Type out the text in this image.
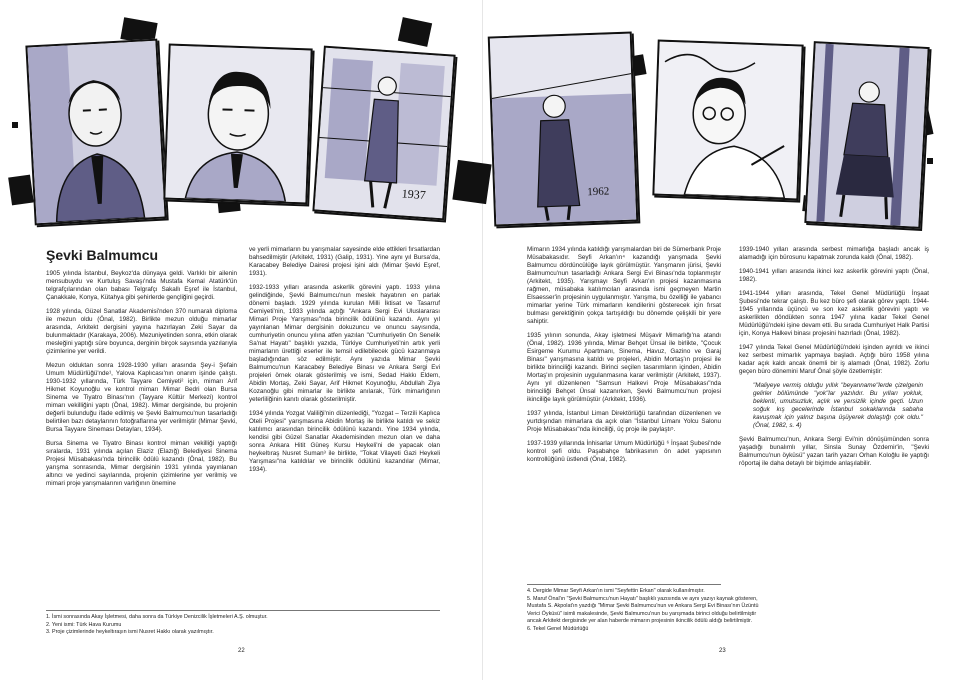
1937
Şevki Balmumcu

1905 yılında İstanbul, Beykoz'da dünyaya geldi. Varlıklı bir ailenin mensubuydu ve Kurtuluş Savaşı'nda Mustafa Kemal Atatürk'ün telgrafçılarından olan babası Telgrafçı Sakallı Eşref ile İstanbul, Çanakkale, Konya, Kütahya gibi şehirlerde gençliğini geçirdi.

1928 yılında, Güzel Sanatlar Akademisi'nden 370 numaralı diploma ile mezun oldu (Önal, 1982). Birlikte mezun olduğu mimarlar arasında, Arkitekt dergisini yayına hazırlayan Zeki Sayar da bulunmaktadır (Karakaya, 2006). Mezuniyetinden sonra, etkin olarak mesleğini yaptığı süre boyunca, derginin birçok sayısında yazılarıyla çizimlerine yer verildi.

Mezun olduktan sonra 1928-1930 yılları arasında Şey-i Şefain Umum Müdürlüğü'nde¹, Yalova Kaplıcası'nın onarım işinde çalıştı. 1930-1932 yıllarında, Türk Tayyare Cemiyeti² için, mimarı Arif Hikmet Koyunoğlu ve kontrol mimarı Mimar Bedri olan Bursa Sinema ve Tiyatro Binası'nın (Tayyare Kültür Merkezi) kontrol mimarı vekilliğini yaptı (Önal, 1982). Mimar dergisinde, bu projenin değerli bulunduğu ifade edilmiş ve Şevki Balmumcu'nun tasarladığı belirtilen bazı detaylarının fotoğraflarına yer verilmiştir (Mimar Şevki, Bursa Tayyare Sineması Detayları, 1934).

Bursa Sinema ve Tiyatro Binası kontrol mimarı vekilliği yaptığı sıralarda, 1931 yılında açılan Elaziz (Elazığ) Belediyesi Sinema Projesi Müsabakası'nda birincilik ödülü kazandı (Önal, 1982). Bu yarışma sonrasında, Mimar dergisinin 1931 yılında yayınlanan altıncı ve yedinci sayılarında, projenin çizimlerine yer verilmiş ve mimari proje yarışmalarının varlığının önemine

ve yerli mimarların bu yarışmalar sayesinde elde ettikleri fırsatlardan bahsedilmiştir (Arkitekt, 1931) (Galip, 1931). Yine aynı yıl Bursa'da, Karacabey Belediye Dairesi projesi işini aldı (Mimar Şevki Eşref, 1931).

1932-1933 yılları arasında askerlik görevini yaptı. 1933 yılına gelindiğinde, Şevki Balmumcu'nun meslek hayatının en parlak dönemi başladı. 1929 yılında kurulan Milli İktisat ve Tasarruf Cemiyeti'nin, 1933 yılında açtığı "Ankara Sergi Evi Uluslararası Mimari Proje Yarışması"nda birincilik ödülünü kazandı. Aynı yıl yayınlanan Mimar dergisinin dokuzuncu ve onuncu sayısında, cumhuriyetin onuncu yılına atfen yazılan "Cumhuriyetin On Senelik Sa'nat Hayatı" başlıklı yazıda, Türkiye Cumhuriyeti'nin artık yerli mimarların ürettiği eserler ile temsil edilebilecek gücü kazanmaya başladığından söz edilmiştir. Aynı yazıda Mimar Şevki Balmumcu'nun Karacabey Belediye Binası ve Ankara Sergi Evi projeleri örnek olarak gösterilmiş ve ismi, Sedad Hakkı Eldem, Abidin Mortaş, Zeki Sayar, Arif Hikmet Koyunoğlu, Abdullah Ziya Kozanoğlu gibi mimarlar ile birlikte anılarak, Türk mimarlığının yeterliliğinin kanıtı olarak gösterilmiştir.

1934 yılında Yozgat Valiliği'nin düzenlediği, "Yozgat – Terzili Kaplıca Oteli Projesi" yarışmasına Abidin Mortaş ile birlikte katıldı ve sekiz katılımcı arasından birincilik ödülünü kazandı. Yine 1934 yılında, kendisi gibi Güzel Sanatlar Akademisinden mezun olan ve daha sonra Ankara Hitit Güneş Kursu Heykeli'ni de yapacak olan heykeltıraş Nusret Suman³ ile birlikte, "Tokat Vilayeti Gazi Heykeli Yarışması"na katıldılar ve birincilik ödülünü kazandılar (Mimar, 1934).

1. İsmi sonrasında Akay İşletmesi, daha sonra da Türkiye Denizcilik İşletmeleri A.Ş. olmuştur.
2. Yeni ismi: Türk Hava Kurumu
3. Proje çizimlerinde heykeltıraşın ismi Nusret Hakkı olarak yazılmıştır.
22
1962

Mimarın 1934 yılında katıldığı yarışmalardan biri de Sümerbank Proje Müsabakasıdır. Seyfi Arkan'ın⁴ kazandığı yarışmada Şevki Balmumcu dördüncülüğe layık görülmüştür. Yarışmanın jürisi, Şevki Balmumcu'nun tasarladığı Ankara Sergi Evi Binası'nda toplanmıştır (Arkitekt, 1935). Yarışmayı Seyfi Arkan'ın projesi kazanmasına rağmen, müsabaka katılımcıları arasında ismi geçmeyen Martin Elsaesser'in projesinin uygulanmıştır. Yarışma, bu özelliği ile yabancı mimarlar yerine Türk mimarların kendilerini gösterecek için fırsat bulması gerektiğinin çokça tartışıldığı bu dönemde çelişkili bir yere sahiptir.

1935 yılının sonunda, Akay işletmesi Müşavir Mimarlığı'na atandı (Önal, 1982). 1936 yılında, Mimar Behçet Ünsal ile birlikte, "Çocuk Esirgeme Kurumu Apartmanı, Sinema, Havuz, Gazino ve Garaj Binası" yarışmasına katıldı ve projeleri, Abidin Mortaş'ın projesi ile birlikte birinciliği kazandı. Birinci seçilen tasarımların içinden, Abidin Mortaş'ın projesinin uygulanmasına karar verilmiştir (Arkitekt, 1937). Aynı yıl düzenlenen "Samsun Halkevi Proje Müsabakası"nda birinciliği Behçet Ünsal kazanırken, Şevki Balmumcu'nun projesi ikinciliğe layık görülmüştür (Arkitekt, 1936).

1937 yılında, İstanbul Liman Direktörlüğü tarafından düzenlenen ve yurtdışından mimarlara da açık olan "İstanbul Limanı Yolcu Salonu Proje Müsabakası"nda ikinciliği, üç proje ile paylaştı⁵.

1937-1939 yıllarında İnhisarlar Umum Müdürlüğü ⁶ İnşaat Şubesi'nde kontrol şefi oldu. Paşabahçe fabrikasının ön adet yapısının kontrollüğünü üstlendi (Önal, 1982).

1939-1940 yılları arasında serbest mimarlığa başladı ancak iş alamadığı için bürosunu kapatmak zorunda kaldı (Önal, 1982).

1940-1941 yılları arasında ikinci kez askerlik görevini yaptı (Önal, 1982).

1941-1944 yılları arasında, Tekel Genel Müdürlüğü İnşaat Şubesi'nde tekrar çalıştı. Bu kez büro şefi olarak görev yaptı. 1944-1945 yıllarında üçüncü ve son kez askerlik görevini yaptı ve askerlikten döndükten sonra 1947 yılına kadar Tekel Genel Müdürlüğü'ndeki işine devam etti. Bu sırada Cumhuriyet Halk Partisi için, Konya Halkevi binası projesini hazırladı (Önal, 1982).

1947 yılında Tekel Genel Müdürlüğü'ndeki işinden ayrıldı ve ikinci kez serbest mimarlık yapmaya başladı. Açtığı büro 1958 yılına kadar açık kaldı ancak önemli bir iş alamadı (Önal, 1982). Zorlu geçen büro dönemini Maruf Önal şöyle özetlemiştir:

"Maliyeye vermiş olduğu yıllık "beyanname"lerde çizelgenin gelirler bölümünde "yok"lar yazılıdır. Bu yılları yokluk, beklenti, umutsuzluk, açlık ve yersizlik içinde geçti. Uzun soğuk kış gecelerinde İstanbul sokaklarında sabaha kavuşmak için yalnız başına üşüyerek dolaştığı çok oldu." (Önal, 1982, s. 4)

Şevki Balmumcu'nun, Ankara Sergi Evi'nin dönüşümünden sonra yaşadığı bunalımlı yıllar, Sinsla Sunay Özdemir'in, "Şevki Balmumcu'nun öyküsü" yazan tarih yazarı Orhan Koloğlu ile yaptığı röportaj ile daha detaylı bir biçimde anlaşılabilir.

4. Dergide Mimar Seyfi Arkan'ın ismi "Seyfettin Erkan" olarak kullanılmıştır.
5. Maruf Önal'ın "Şevki Balmumcu'nun Hayatı" başlıklı yazısında ve aynı yazıyı kaynak gösteren,
Mustafa S. Akpolat'ın yazdığı "Mimar Şevki Balmumcu'nun ve Ankara Sergi Evi Binası'nın Üzüntü
Verici Öyküsü" isimli makalesinde, Şevki Balmumcu'nun bu yarışmada birinci olduğu belirtilmiştir
ancak Arkitekt dergisinde yer alan haberde mimarın projesinin ikincilik ödülü aldığı belirtilmiştir.
6. Tekel Genel Müdürlüğü
23
